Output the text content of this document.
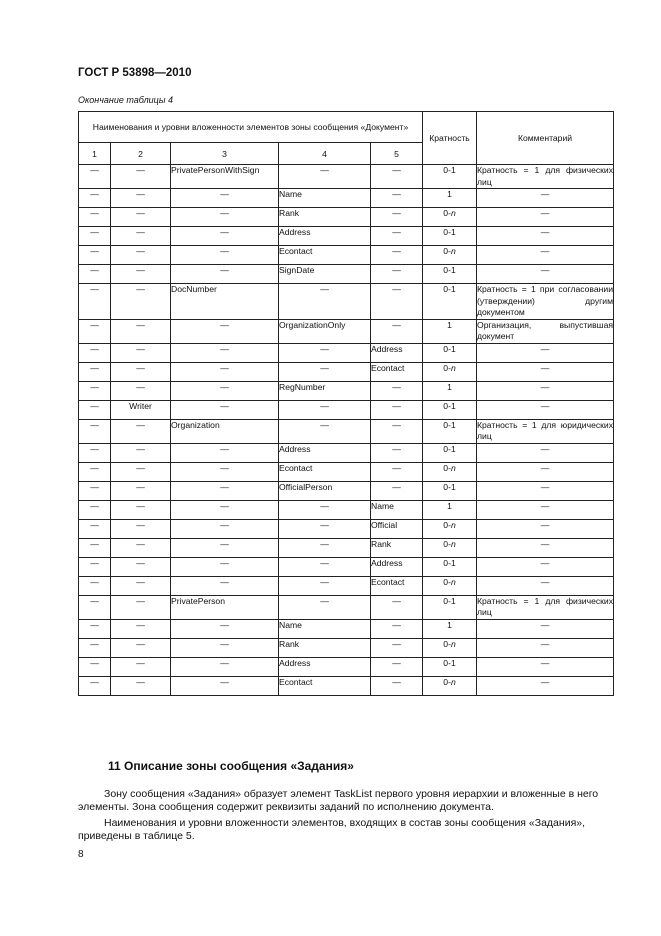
ГОСТ Р 53898—2010
Окончание таблицы 4
Наименования и уровни вложенности элементов зоны сообщения «Документ»					Кратность	Комментарий
1	2	3	4	5		
—	—	PrivatePersonWithSign	—	—	0-1	Кратность = 1 для физических лиц
—	—	—	Name	—	1	—
—	—	—	Rank	—	0-n	—
—	—	—	Address	—	0-1	—
—	—	—	Econtact	—	0-n	—
—	—	—	SignDate	—	0-1	—
—	—	DocNumber	—	—	0-1	Кратность = 1 при согласовании (утверждении) другим документом
—	—	—	OrganizationOnly	—	1	Организация, выпустившая документ
—	—	—	—	Address	0-1	—
—	—	—	—	Econtact	0-n	—
—	—	—	RegNumber	—	1	—
—	Writer	—	—	—	0-1	—
—	—	Organization	—	—	0-1	Кратность = 1 для юридических лиц
—	—	—	Address	—	0-1	—
—	—	—	Econtact	—	0-n	—
—	—	—	OfficialPerson	—	0-1	—
—	—	—	—	Name	1	—
—	—	—	—	Official	0-n	—
—	—	—	—	Rank	0-n	—
—	—	—	—	Address	0-1	—
—	—	—	—	Econtact	0-n	—
—	—	PrivatePerson	—	—	0-1	Кратность = 1 для физических лиц
—	—	—	Name	—	1	—
—	—	—	Rank	—	0-n	—
—	—	—	Address	—	0-1	—
—	—	—	Econtact	—	0-n	—
11 Описание зоны сообщения «Задания»
Зону сообщения «Задания» образует элемент TaskList первого уровня иерархии и вложенные в него элементы. Зона сообщения содержит реквизиты заданий по исполнению документа.
Наименования и уровни вложенности элементов, входящих в состав зоны сообщения «Задания», приведены в таблице 5.
8
